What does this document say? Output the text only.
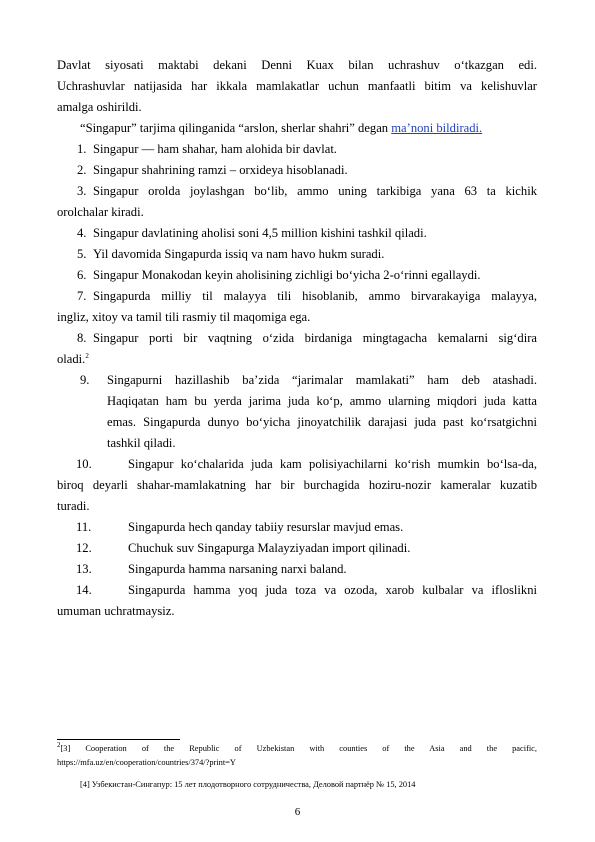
Davlat siyosati maktabi dekani Denni Kuax bilan uchrashuv o‘tkazgan edi.
Uchrashuvlar natijasida har ikkala mamlakatlar uchun manfaatli bitim va kelishuvlar
amalga oshirildi.
“Singapur” tarjima qilinganida “arslon, sherlar shahri” degan ma’noni bildiradi.
Singapur — ham shahar, ham alohida bir davlat.
1.
Singapur shahrining ramzi – orxideya hisoblanadi.
2.
Singapur orolda joylashgan bo‘lib, ammo uning tarkibiga yana 63 ta kichik
orolchalar kiradi.
3.
Singapur davlatining aholisi soni 4,5 million kishini tashkil qiladi.
4.
Yil davomida Singapurda issiq va nam havo hukm suradi.
5.
Singapur Monakodan keyin aholisining zichligi bo‘yicha 2-o‘rinni egallaydi.
6.
Singapurda milliy til malayya tili hisoblanib, ammo birvarakayiga malayya,
ingliz, xitoy va tamil tili rasmiy til maqomiga ega.
7.
Singapur porti bir vaqtning o‘zida birdaniga mingtagacha kemalarni sig‘dira
oladi.$^2$
8.
Singapurni hazillashib ba’zida “jarimalar mamlakati” ham deb atashadi.
Haqiqatan ham bu yerda jarima juda ko‘p, ammo ularning miqdori juda katta
emas. Singapurda dunyo bo‘yicha jinoyatchilik darajasi juda past ko‘rsatgichni
tashkil qiladi.
9.
Singapur ko‘chalarida juda kam polisiyachilarni ko‘rish mumkin bo‘lsa-da,
biroq deyarli shahar-mamlakatning har bir burchagida hoziru-nozir kameralar kuzatib
turadi.
10.
Singapurda hech qanday tabiiy resurslar mavjud emas.
11.
Chuchuk suv Singapurga Malayziyadan import qilinadi.
12.
Singapurda hamma narsaning narxi baland.
13.
Singapurda hamma yoq juda toza va ozoda, xarob kulbalar va ifloslikni
umuman uchratmaysiz.
14.
$^2$[3] Cooperation of the Republic of Uzbekistan with counties of the Asia and the pacific,
https://mfa.uz/en/cooperation/countries/374/?print=Y
[4] Узбекистан-Сингапур: 15 лет плодотворного сотрудничества, Деловой партнёр № 15, 2014
6
